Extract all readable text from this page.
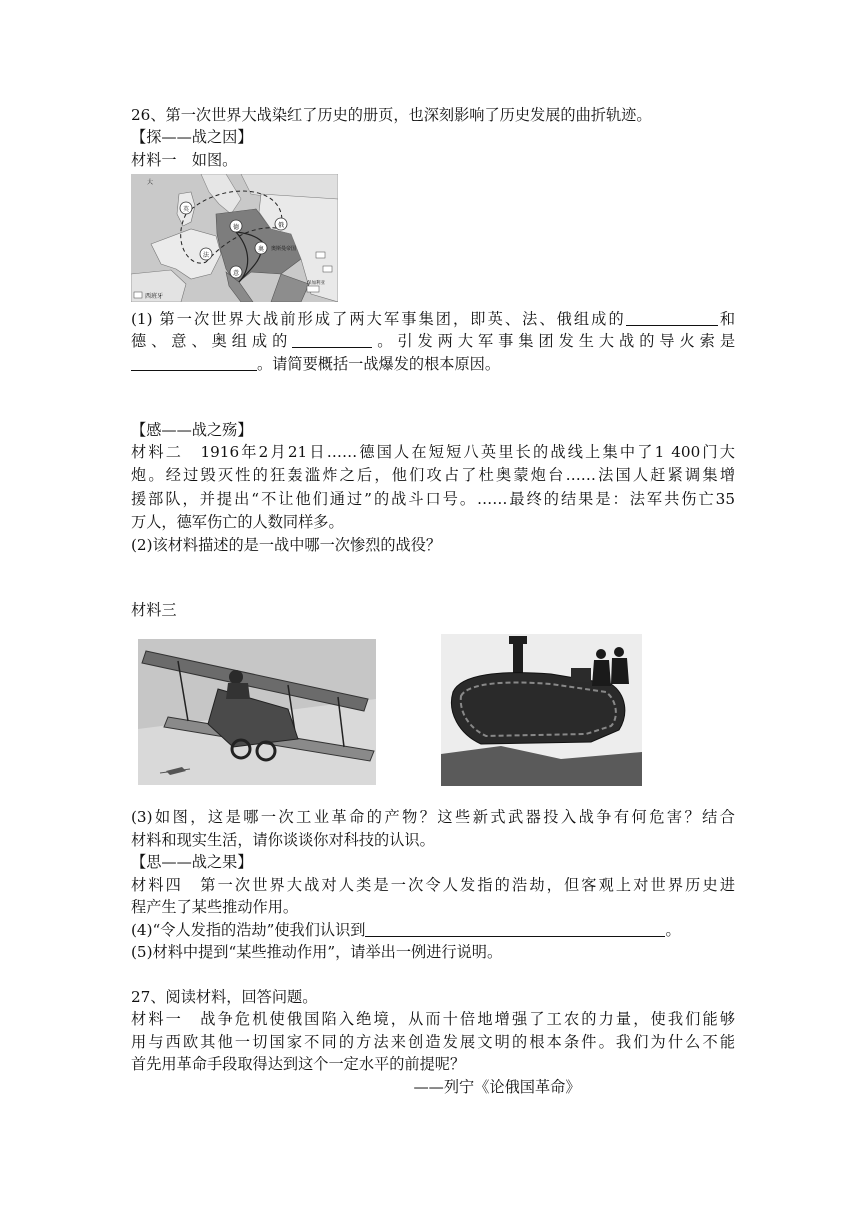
26、第一次世界大战染红了历史的册页，也深刻影响了历史发展的曲折轨迹。
【探——战之因】
材料一　如图。
大
英
德	俄
法
奥
意
奥斯曼帝国
保加利亚
西班牙
(1) 第一次世界大战前形成了两大军事集团，即英、法、俄组成的	和
德、意、奥组成的	。引发两大军事集团发生大战的导火索是
。请简要概括一战爆发的根本原因。
【感——战之殇】
材料二　1916年2月21日……德国人在短短八英里长的战线上集中了1 400门大
炮。经过毁灭性的狂轰滥炸之后，他们攻占了杜奥蒙炮台……法国人赶紧调集增
援部队，并提出“不让他们通过”的战斗口号。……最终的结果是：法军共伤亡35
万人，德军伤亡的人数同样多。
(2)该材料描述的是一战中哪一次惨烈的战役？
材料三
(3)如图，这是哪一次工业革命的产物？这些新式武器投入战争有何危害？结合
材料和现实生活，请你谈谈你对科技的认识。
【思——战之果】
材料四　第一次世界大战对人类是一次令人发指的浩劫，但客观上对世界历史进
程产生了某些推动作用。
(4)“令人发指的浩劫”使我们认识到	。
(5)材料中提到“某些推动作用”，请举出一例进行说明。
27、阅读材料，回答问题。
材料一　战争危机使俄国陷入绝境，从而十倍地增强了工农的力量，使我们能够
用与西欧其他一切国家不同的方法来创造发展文明的根本条件。我们为什么不能
首先用革命手段取得达到这个一定水平的前提呢？
——列宁《论俄国革命》
